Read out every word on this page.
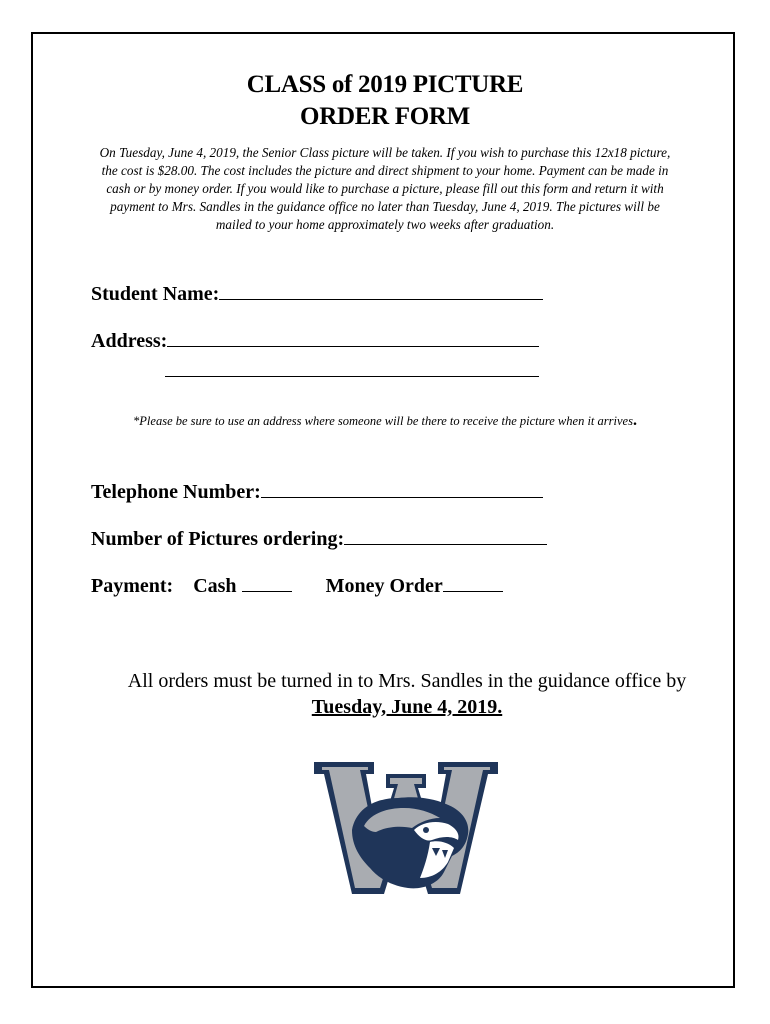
CLASS of 2019 PICTURE
ORDER FORM
On Tuesday, June 4, 2019, the Senior Class picture will be taken. If you wish to purchase this 12x18 picture,
the cost is $28.00. The cost includes the picture and direct shipment to your home. Payment can be made in
cash or by money order. If you would like to purchase a picture, please fill out this form and return it with
payment to Mrs. Sandles in the guidance office no later than Tuesday, June 4, 2019. The pictures will be
mailed to your home approximately two weeks after graduation.
Student Name:
Address:
*Please be sure to use an address where someone will be there to receive the picture when it arrives.
Telephone Number:
Number of Pictures ordering:
Payment: Cash	Money Order
All orders must be turned in to Mrs. Sandles in the guidance office by
Tuesday, June 4, 2019.
